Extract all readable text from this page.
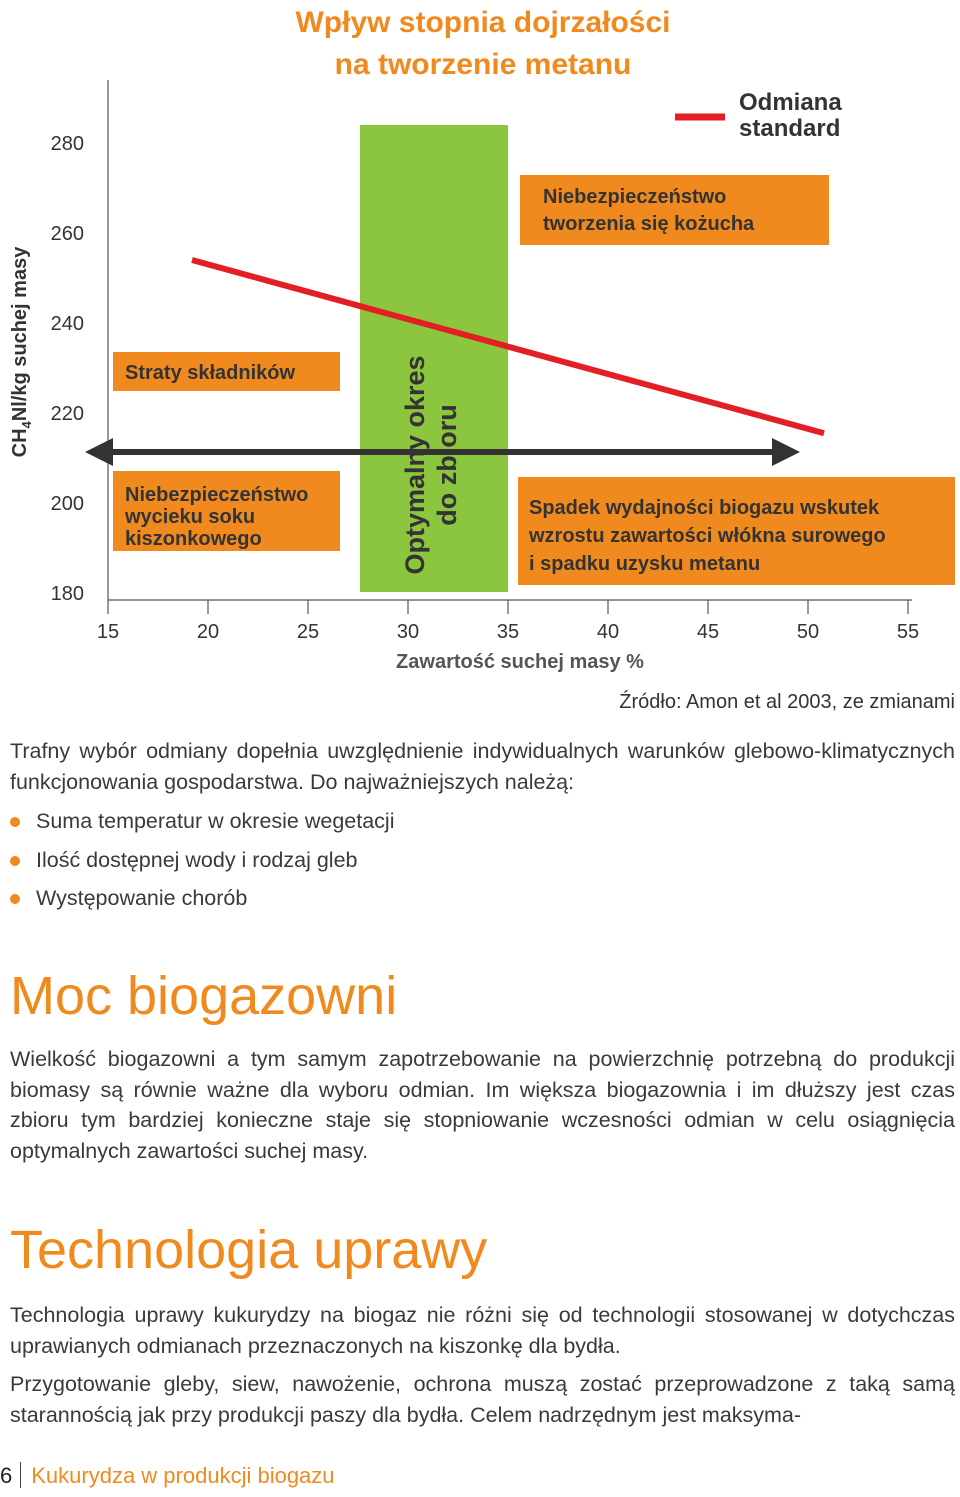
Wpływ stopnia dojrzałości
na tworzenie metanu
Optymalny okres do zbioru
180
200
220
240
260
280
15	20	25	30	35	40	45	50	55
$CH_4Nl/kg$ suchej masy
Zawartość suchej masy %
Straty składników
Niebezpieczeństwo
wycieku soku
kiszonkowego
Niebezpieczeństwo
tworzenia się kożucha
Spadek wydajności biogazu wskutek
wzrostu zawartości włókna surowego
i spadku uzysku metanu
Odmiana
standard
Źródło: Amon et al 2003, ze zmianami

Trafny wybór odmiany dopełnia uwzględnienie indywidualnych warunków glebowo-klimatycznych funkcjonowania gospodarstwa. Do najważniejszych należą:

Suma temperatur w okresie wegetacji
Ilość dostępnej wody i rodzaj gleb
Występowanie chorób
Moc biogazowni

Wielkość biogazowni a tym samym zapotrzebowanie na powierzchnię potrzebną do produkcji biomasy są równie ważne dla wyboru odmian. Im większa biogazownia i im dłuższy jest czas zbioru tym bardziej konieczne staje się stopniowanie wczesności odmian w celu osiągnięcia optymalnych zawartości suchej masy.

Technologia uprawy

Technologia uprawy kukurydzy na biogaz nie różni się od technologii stosowanej w dotychczas uprawianych odmianach przeznaczonych na kiszonkę dla bydła.

Przygotowanie gleby, siew, nawożenie, ochrona muszą zostać przeprowadzone z taką samą starannością jak przy produkcji paszy dla bydła. Celem nadrzędnym jest maksyma-

6 Kukurydza w produkcji biogazu
